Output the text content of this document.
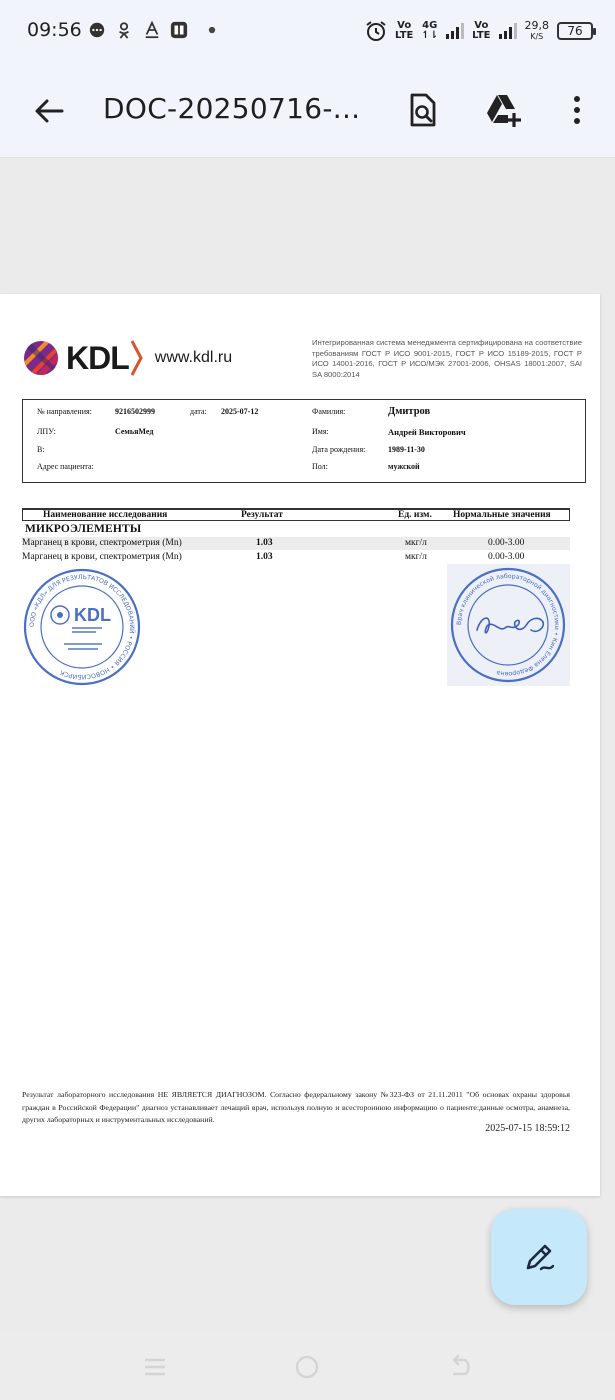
09:56	Vo
LTE
4G
↿⇂
Vo
LTE
29,8
K/S	76
DOC-20250716-...
KDL www.kdl.ru
Интегрированная система менеджмента сертифицирована на соответствие требованиям ГОСТ Р ИСО 9001-2015, ГОСТ Р ИСО 15189-2015, ГОСТ Р ИСО 14001-2016, ГОСТ Р ИСО/МЭК 27001-2006, OHSAS 18001:2007, SAI SA 8000:2014
№ направления:	9216502999	дата: 2025-07-12	Фамилия:	Дмитров
ЛПУ:	СемьяМед	Имя:	Андрей Викторович
В:	Дата рождения:	1989-11-30
Адрес пациента:	Пол:	мужской
Наименование исследования	Результат	Ед. изм. Нормальные значения
МИКРОЭЛЕМЕНТЫ
Марганец в крови, спектрометрия (Mn)	1.03	мкг/л	0.00-3.00
Марганец в крови, спектрометрия (Mn)	1.03	мкг/л	0.00-3.00
ООО «КДЛ» ДЛЯ РЕЗУЛЬТАТОВ ИССЛЕДОВАНИЙ • РОССИЯ • НОВОСИБИРСК
KDL	Врач клинической лабораторной диагностики • Кин Елена Федоровна
Результат лабораторного исследования НЕ ЯВЛЯЕТСЯ ДИАГНОЗОМ. Согласно федеральному закону №323-ФЗ от 21.11.2011 "Об основах охраны здоровья граждан в Российской Федерации" диагноз устанавливает лечащий врач, используя полную и всестороннюю информацию о пациенте:данные осмотра, анамнеза, других лабораторных и инструментальных исследований.
2025-07-15 18:59:12
